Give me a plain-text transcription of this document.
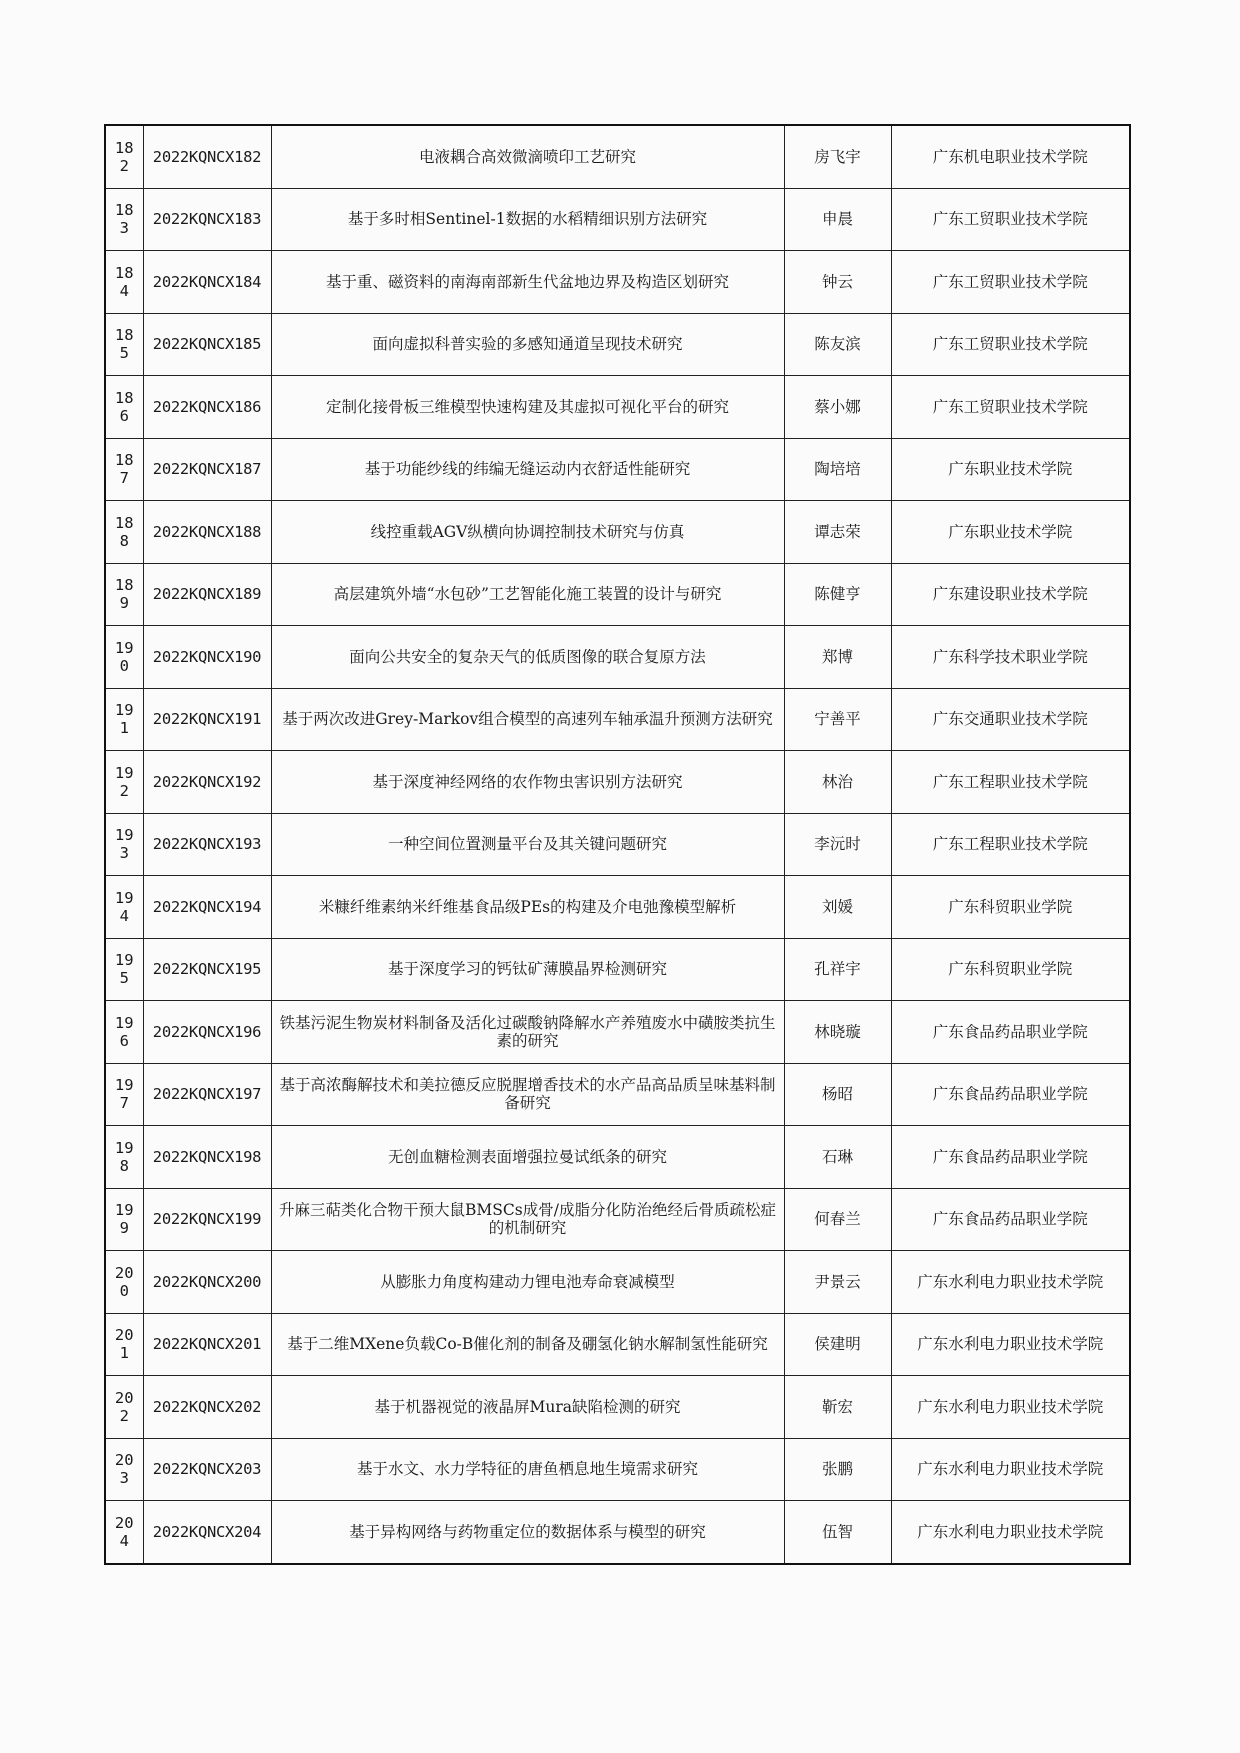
182	2022KQNCX182	电液耦合高效微滴喷印工艺研究	房飞宇	广东机电职业技术学院
183	2022KQNCX183	基于多时相Sentinel-1数据的水稻精细识别方法研究	申晨	广东工贸职业技术学院
184	2022KQNCX184	基于重、磁资料的南海南部新生代盆地边界及构造区划研究	钟云	广东工贸职业技术学院
185	2022KQNCX185	面向虚拟科普实验的多感知通道呈现技术研究	陈友滨	广东工贸职业技术学院
186	2022KQNCX186	定制化接骨板三维模型快速构建及其虚拟可视化平台的研究	蔡小娜	广东工贸职业技术学院
187	2022KQNCX187	基于功能纱线的纬编无缝运动内衣舒适性能研究	陶培培	广东职业技术学院
188	2022KQNCX188	线控重载AGV纵横向协调控制技术研究与仿真	谭志荣	广东职业技术学院
189	2022KQNCX189	高层建筑外墙“水包砂”工艺智能化施工装置的设计与研究	陈健亨	广东建设职业技术学院
190	2022KQNCX190	面向公共安全的复杂天气的低质图像的联合复原方法	郑博	广东科学技术职业学院
191	2022KQNCX191	基于两次改进Grey-Markov组合模型的高速列车轴承温升预测方法研究	宁善平	广东交通职业技术学院
192	2022KQNCX192	基于深度神经网络的农作物虫害识别方法研究	林治	广东工程职业技术学院
193	2022KQNCX193	一种空间位置测量平台及其关键问题研究	李沅时	广东工程职业技术学院
194	2022KQNCX194	米糠纤维素纳米纤维基食品级PEs的构建及介电弛豫模型解析	刘媛	广东科贸职业学院
195	2022KQNCX195	基于深度学习的钙钛矿薄膜晶界检测研究	孔祥宇	广东科贸职业学院
196	2022KQNCX196	铁基污泥生物炭材料制备及活化过碳酸钠降解水产养殖废水中磺胺类抗生素的研究	林晓璇	广东食品药品职业学院
197	2022KQNCX197	基于高浓酶解技术和美拉德反应脱腥增香技术的水产品高品质呈味基料制备研究	杨昭	广东食品药品职业学院
198	2022KQNCX198	无创血糖检测表面增强拉曼试纸条的研究	石琳	广东食品药品职业学院
199	2022KQNCX199	升麻三萜类化合物干预大鼠BMSCs成骨/成脂分化防治绝经后骨质疏松症的机制研究	何春兰	广东食品药品职业学院
200	2022KQNCX200	从膨胀力角度构建动力锂电池寿命衰减模型	尹景云	广东水利电力职业技术学院
201	2022KQNCX201	基于二维MXene负载Co-B催化剂的制备及硼氢化钠水解制氢性能研究	侯建明	广东水利电力职业技术学院
202	2022KQNCX202	基于机器视觉的液晶屏Mura缺陷检测的研究	靳宏	广东水利电力职业技术学院
203	2022KQNCX203	基于水文、水力学特征的唐鱼栖息地生境需求研究	张鹏	广东水利电力职业技术学院
204	2022KQNCX204	基于异构网络与药物重定位的数据体系与模型的研究	伍智	广东水利电力职业技术学院
